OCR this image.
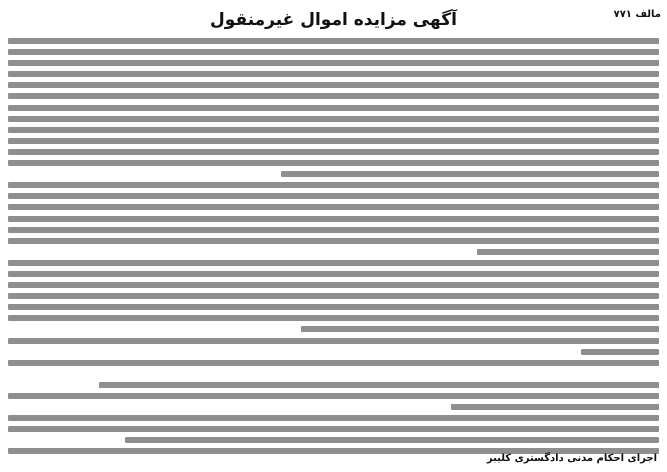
مالف ۷۷۱
آگهی مزایده اموال غیرمنقول
اجرای احکام مدنی دادگستری کلیبر
